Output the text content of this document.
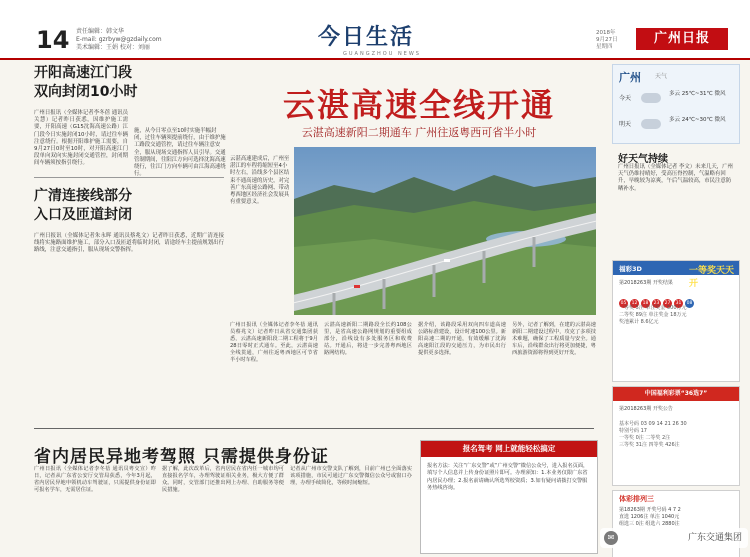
14 责任编辑：韩文华
E-mail: gzrbyw@gzdaily.com
美术编辑：王娟 校对：刘丽	今日生活
GUANGZHOU NEWS
2018年
9月27日
星期四
广州日报
开阳高速江门段
双向封闭10小时
广州日报讯（全媒体记者李冬蓓 通讯员关慧）记者昨日获悉，因维护施工需要，开阳高速（G15沈海高速公路）江门段今日实施封闭10小时，请过往车辆注意绕行。根据开阳维护施工需要，自9月27日0时至10时，对开阳高速江门段单向双向实施封闭交通管控，封闭期间车辆须按指引绕行。
广清连接线部分
入口及匝道封闭
广州日报讯（全媒体记者朱永晖 通讯员蔡兆文）记者昨日获悉，近期广清连接线将实施路面维护施工，部分入口及匝道将临时封闭，请途经车主提前规划出行路线，注意交通指引，服从现场交警指挥。
施，从今日零点至10时实施半幅封闭，过往车辆须提前绕行，由于维护施工路段交通管控，请过往车辆注意安全，服从现场交通指挥人员引导。交通管制期间，往阳江方向可选择沈海高速绕行，往江门方向车辆可由江海高速绕行。
云湛高速建成后，广州至湛江的车程将缩短至4小时左右，沿线多个县区结束不通高速的历史，对完善广东高速公路网、带动粤西地区经济社会发展具有重要意义。
云湛高速全线开通
云湛高速新阳二期通车 广州往返粤西可省半小时
广州日报讯（全媒体记者李冬蓓 通讯员蔡兆文）记者昨日从省交通集团获悉，云湛高速新阳段二期工程将于9月28日零时正式通车。至此，云湛高速全线贯通，广州往返粤西地区可节省半小时车程。
云湛高速新阳二期路段全长约108公里，是省高速公路网规划的重要组成部分，沿线设有多处服务区和收费站。开通后，将进一步完善粤西地区路网结构。
据介绍，该路段采用双向四车道高速公路标准建设，设计时速100公里。新阳高速二期的开通，有效缓解了沈海高速阳江段的交通压力，为市民出行提供更多选择。
另外，记者了解到，在建的云湛高速新阳二期建设过程中，攻克了多项技术难题，确保了工程质量与安全。通车后，沿线群众出行将更加便捷，粤西旅游资源将得到更好开发。
省内居民异地考驾照 只需提供身份证
广州日报讯（全媒体记者李冬蓓 通讯员粤交宣）昨日，记者从广东省公安厅交管局获悉，今年3月起，省内居民异地申领机动车驾驶证，只需提供身份证即可报名学车，无需居住证。
据了解，此次改革后，省内居民在省内任一城市均可直接报名学车，办理驾驶证相关业务，极大方便了群众。同时，交管部门还推出网上办理、自助服务等便民措施。
记者从广州市交警支队了解到，目前广州已全面落实该项措施，市民可通过广东交警微信公众号或窗口办理，办理手续简化，等候时间缩短。
报名驾考 网上就能轻松搞定
报名方法：关注“广东交警”或“广州交警”微信公众号，进入报名页面，填写个人信息并上传身份证照片即可。办理须知：1.本业务仅限广东省内居民办理；2.报名前请确认所选驾校资质；3.如有疑问请拨打交警服务热线咨询。
广州 天气
今天
多云 25℃~31℃ 微风
明天
多云 24℃~30℃ 微风
好天气持续
广州日报讯（全媒体记者 李文）未来几天，广州天气仍维持晴好，受高压脊控制，气温略有回升，早晚较为凉爽，午后气温较高，市民注意防晒补水。
福彩3D	一等奖天天开
第2018263期 开奖结果
05 12 18 23 27 31 08
一等奖 5注 单注奖金 500万元
二等奖 89注 单注奖金 18万元
奖池累计 8.6亿元
中国福利彩票“36选7”
第2018263期 开奖公告
基本号码 03 09 14 21 26 30
特别号码 17
一等奖 0注 二等奖 2注
三等奖 31注 四等奖 426注
体彩排列三
第18263期 开奖号码 4 7 2
直选 1206注 单注 1040元
组选三 0注 组选六 2880注
✉	广东交通集团
